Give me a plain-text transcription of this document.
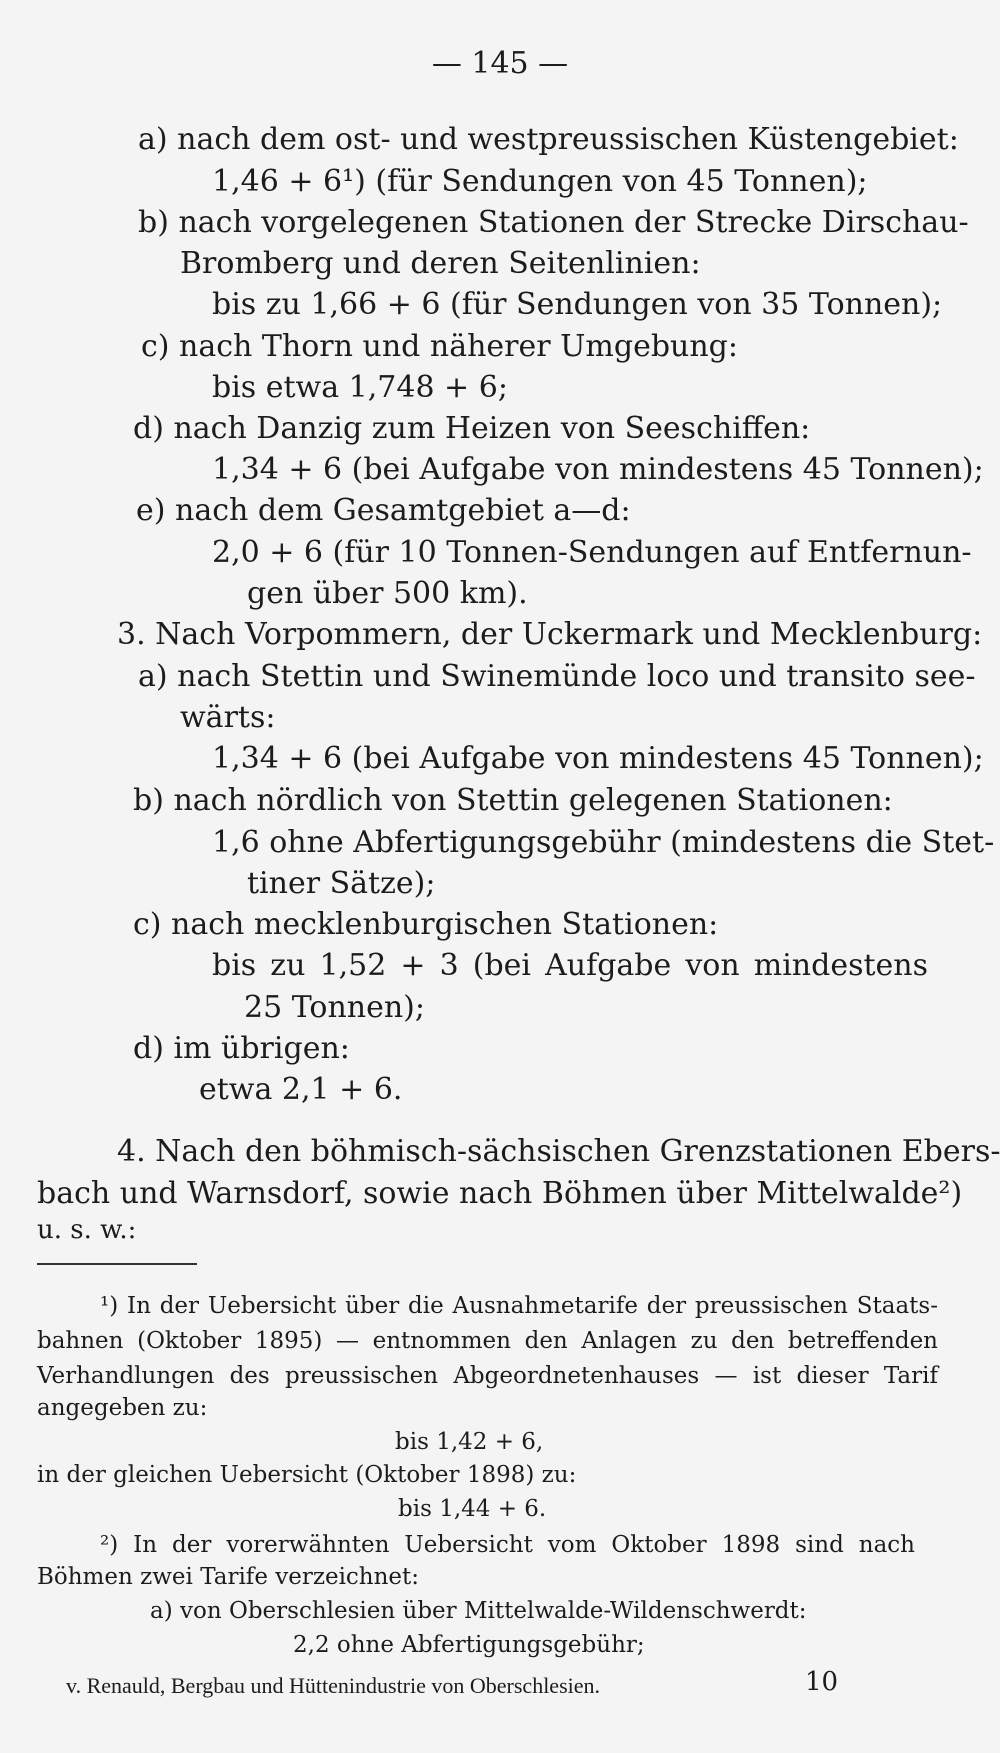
— 145 —
a) nach dem ost- und westpreussischen Küstengebiet:
1,46 + 6¹) (für Sendungen von 45 Tonnen);
b) nach vorgelegenen Stationen der Strecke Dirschau-
Bromberg und deren Seitenlinien:
bis zu 1,66 + 6 (für Sendungen von 35 Tonnen);
c) nach Thorn und näherer Umgebung:
bis etwa 1,748 + 6;
d) nach Danzig zum Heizen von Seeschiffen:
1,34 + 6 (bei Aufgabe von mindestens 45 Tonnen);
e) nach dem Gesamtgebiet a—d:
2,0 + 6 (für 10 Tonnen-Sendungen auf Entfernun-
gen über 500 km).
3. Nach Vorpommern, der Uckermark und Mecklenburg:
a) nach Stettin und Swinemünde loco und transito see-
wärts:
1,34 + 6 (bei Aufgabe von mindestens 45 Tonnen);
b) nach nördlich von Stettin gelegenen Stationen:
1,6 ohne Abfertigungsgebühr (mindestens die Stet-
tiner Sätze);
c) nach mecklenburgischen Stationen:
bis zu 1,52 + 3 (bei Aufgabe von mindestens
25 Tonnen);
d) im übrigen:
etwa 2,1 + 6.
4. Nach den böhmisch-sächsischen Grenzstationen Ebers-
bach und Warnsdorf, sowie nach Böhmen über Mittelwalde²)
u. s. w.:
¹) In der Uebersicht über die Ausnahmetarife der preussischen Staats-
bahnen (Oktober 1895) — entnommen den Anlagen zu den betreffenden
Verhandlungen des preussischen Abgeordnetenhauses — ist dieser Tarif
angegeben zu:
bis 1,42 + 6,
in der gleichen Uebersicht (Oktober 1898) zu:
bis 1,44 + 6.
²) In der vorerwähnten Uebersicht vom Oktober 1898 sind nach
Böhmen zwei Tarife verzeichnet:
a) von Oberschlesien über Mittelwalde-Wildenschwerdt:
2,2 ohne Abfertigungsgebühr;
v. Renauld, Bergbau und Hüttenindustrie von Oberschlesien.	10
